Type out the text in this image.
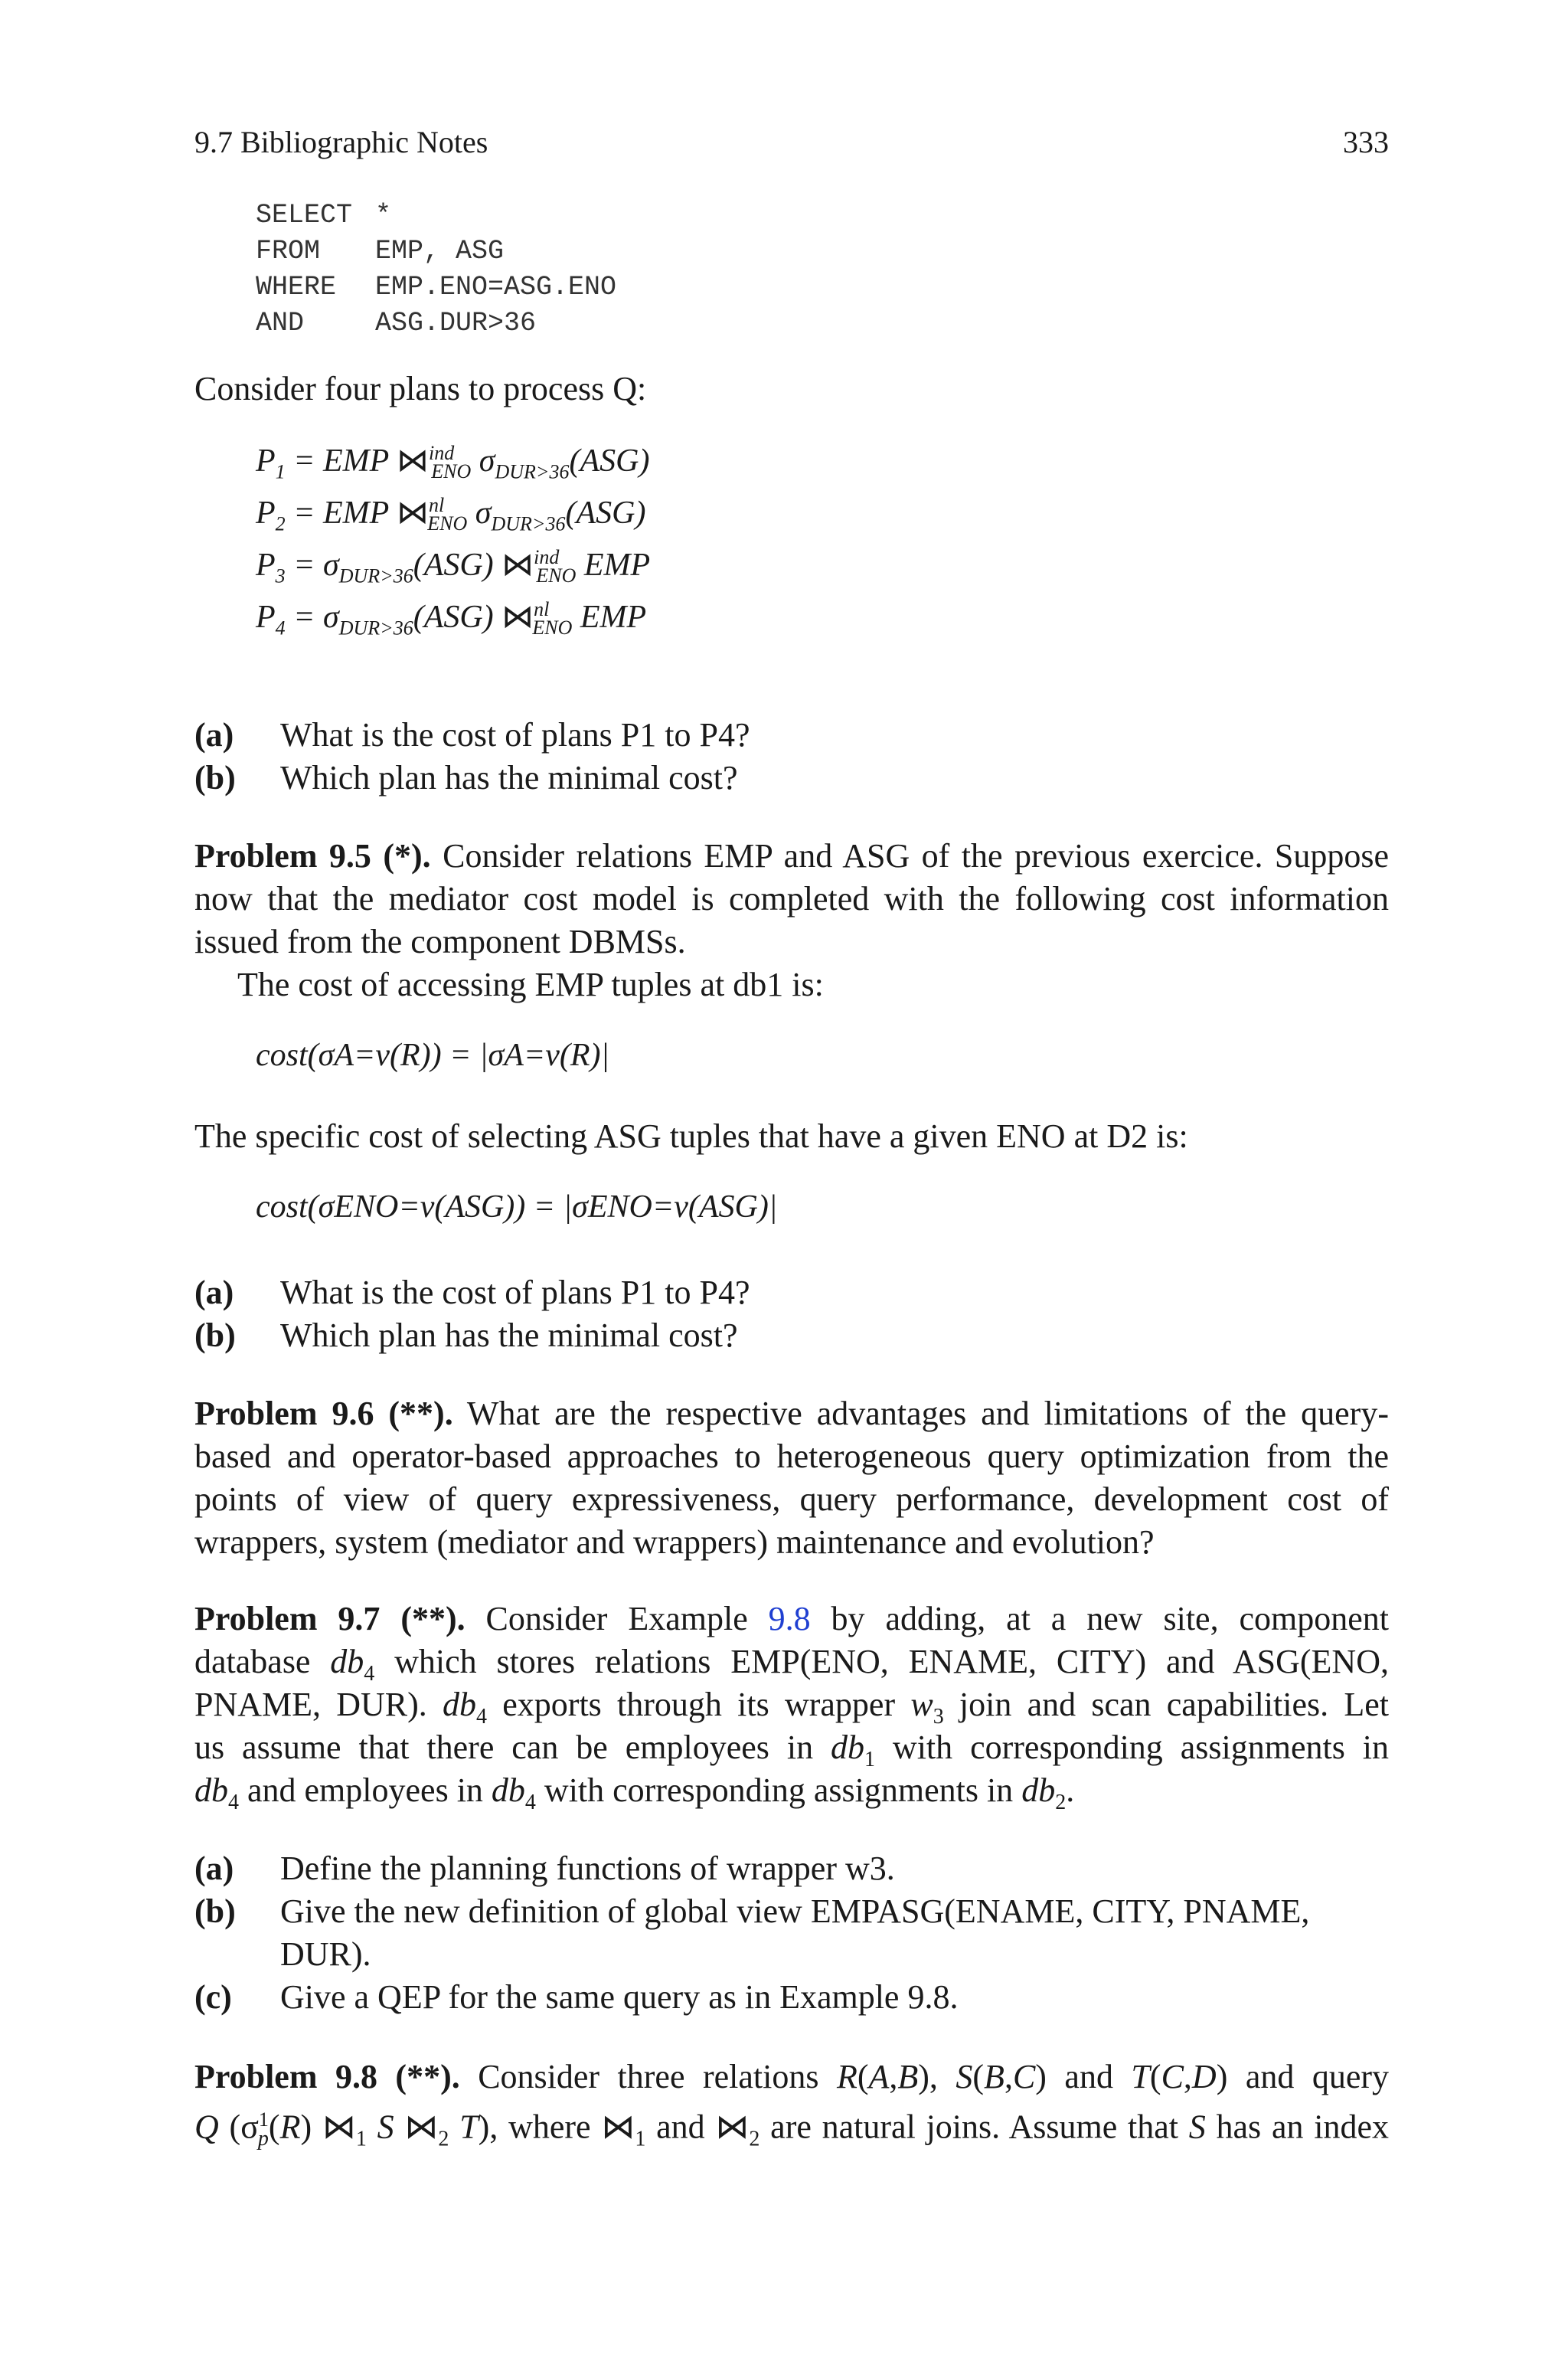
9.7 Bibliographic Notes	333
SELECT *
FROM EMP, ASG
WHERE EMP.ENO=ASG.ENO
AND	ASG.DUR>36
Consider four plans to process Q:
$P_1$ = EMP ⋈$^{ind}_{ENO}$ $\sigma_{DUR>36}(ASG)$
$P_2$ = EMP ⋈$^{nl}_{ENO}$ $\sigma_{DUR>36}(ASG)$
$P_3 = \sigma_{DUR>36}(ASG)$ ⋈$^{ind}_{ENO}$ EMP
$P_4 = \sigma_{DUR>36}(ASG)$ ⋈$^{nl}_{ENO}$ EMP
(a) What is the cost of plans P1 to P4?
(b) Which plan has the minimal cost?
Problem 9.5 (*). Consider relations EMP and ASG of the previous exercice. Suppose
now that the mediator cost model is completed with the following cost information
issued from the component DBMSs.
The cost of accessing EMP tuples at db1 is:
cost(σA=v(R)) = |σA=v(R)|
The specific cost of selecting ASG tuples that have a given ENO at D2 is:
cost(σENO=v(ASG)) = |σENO=v(ASG)|
(a) What is the cost of plans P1 to P4?
(b) Which plan has the minimal cost?
Problem 9.6 (**). What are the respective advantages and limitations of the query-
based and operator-based approaches to heterogeneous query optimization from the
points of view of query expressiveness, query performance, development cost of
wrappers, system (mediator and wrappers) maintenance and evolution?
Problem 9.7 (**). Consider Example 9.8 by adding, at a new site, component
database $db_4$ which stores relations EMP(ENO, ENAME, CITY) and ASG(ENO,
PNAME, DUR). $db_4$ exports through its wrapper $w_3$ join and scan capabilities. Let
us assume that there can be employees in $db_1$ with corresponding assignments in
$db_4$ and employees in $db_4$ with corresponding assignments in $db_2$.
(a) Define the planning functions of wrapper w3.
(b) Give the new definition of global view EMPASG(ENAME, CITY, PNAME,
DUR).
(c) Give a QEP for the same query as in Example 9.8.
Problem 9.8 (**). Consider three relations R(A,B), S(B,C) and T(C,D) and query
Q ($\sigma^1_p(R)$ $⋈_1$ S $⋈_2$ T), where $⋈_1$ and $⋈_2$ are natural joins. Assume that S has an index
